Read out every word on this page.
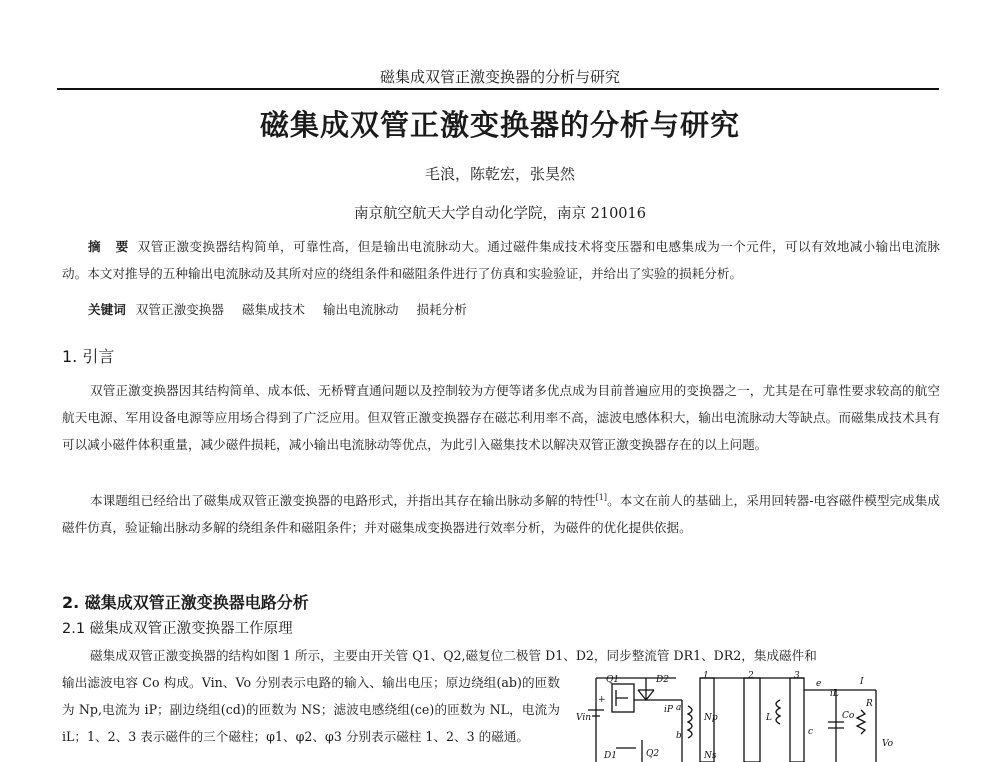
磁集成双管正激变换器的分析与研究
磁集成双管正激变换器的分析与研究
毛浪，陈乾宏，张昊然
南京航空航天大学自动化学院，南京 210016

摘 要 双管正激变换器结构简单，可靠性高，但是输出电流脉动大。通过磁件集成技术将变压器和电感集成为一个元件，可以有效地减小输出电流脉动。本文对推导的五种输出电流脉动及其所对应的绕组条件和磁阻条件进行了仿真和实验验证，并给出了实验的损耗分析。

关键词 双管正激变换器 磁集成技术 输出电流脉动 损耗分析
1. 引言

双管正激变换器因其结构简单、成本低、无桥臂直通问题以及控制较为方便等诸多优点成为目前普遍应用的变换器之一，尤其是在可靠性要求较高的航空航天电源、军用设备电源等应用场合得到了广泛应用。但双管正激变换器存在磁芯利用率不高，滤波电感体积大，输出电流脉动大等缺点。而磁集成技术具有可以减小磁件体积重量，减少磁件损耗，减小输出电流脉动等优点，为此引入磁集技术以解决双管正激变换器存在的以上问题。

本课题组已经给出了磁集成双管正激变换器的电路形式，并指出其存在输出脉动多解的特性[1]。本文在前人的基础上，采用回转器-电容磁件模型完成集成磁件仿真，验证输出脉动多解的绕组条件和磁阻条件；并对磁集成变换器进行效率分析，为磁件的优化提供依据。

2. 磁集成双管正激变换器电路分析
2.1 磁集成双管正激变换器工作原理

磁集成双管正激变换器的结构如图 1 所示，主要由开关管 Q1、Q2,磁复位二极管 D1、D2，同步整流管 DR1、DR2，集成磁件和

输出滤波电容 Co 构成。Vin、Vo 分别表示电路的输入、输出电压；原边绕组(ab)的匝数为 Np,电流为 iP；副边绕组(cd)的匝数为 NS；滤波电感绕组(ce)的匝数为 NL，电流为 iL；1、2、3 表示磁件的三个磁柱；φ1、φ2、φ3 分别表示磁柱 1、2、3 的磁通。

Q1	D2	1	2	3
e
iL
I
Vin
+
iP a
Np	L	Co
R
Vo
b	c
D1	Q2	Ns
